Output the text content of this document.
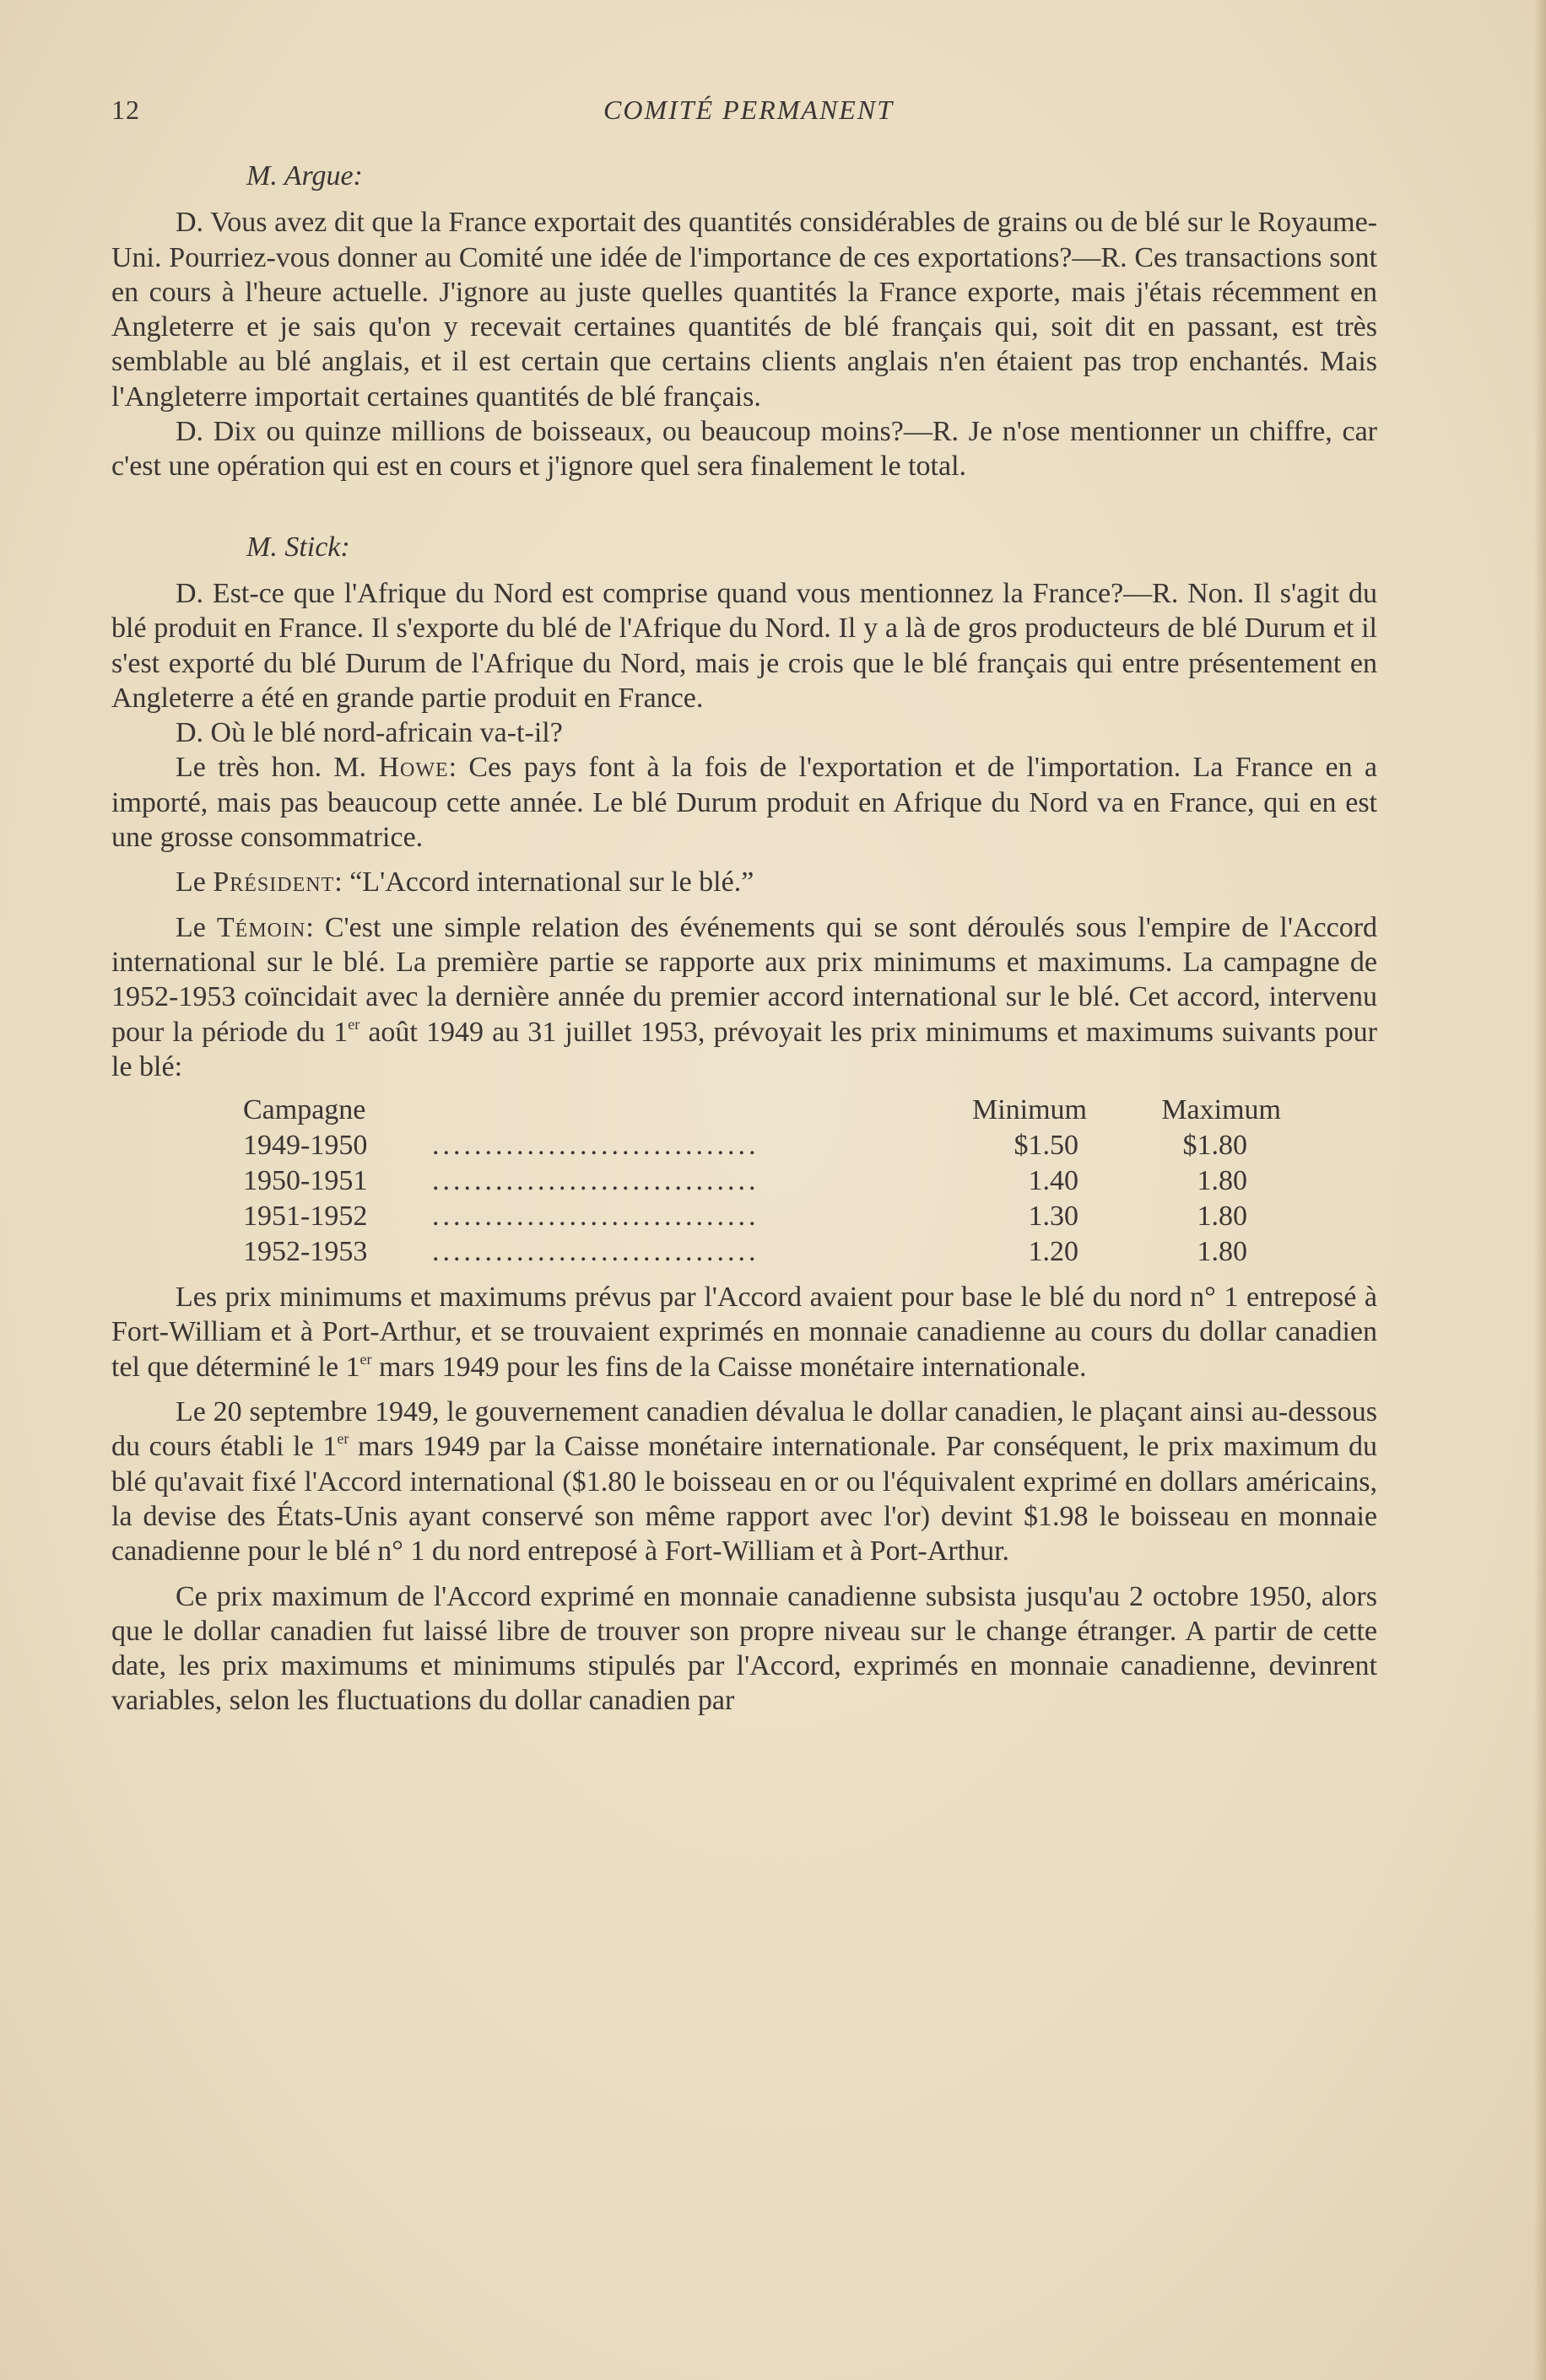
12	COMITÉ PERMANENT
M. Argue:

D. Vous avez dit que la France exportait des quantités considérables de grains ou de blé sur le Royaume-Uni. Pourriez-vous donner au Comité une idée de l'importance de ces exportations?—R. Ces transactions sont en cours à l'heure actuelle. J'ignore au juste quelles quantités la France exporte, mais j'étais récemment en Angleterre et je sais qu'on y recevait certaines quantités de blé français qui, soit dit en passant, est très semblable au blé anglais, et il est certain que certains clients anglais n'en étaient pas trop enchantés. Mais l'Angleterre importait certaines quantités de blé français.

D. Dix ou quinze millions de boisseaux, ou beaucoup moins?—R. Je n'ose mentionner un chiffre, car c'est une opération qui est en cours et j'ignore quel sera finalement le total.

M. Stick:

D. Est-ce que l'Afrique du Nord est comprise quand vous mentionnez la France?—R. Non. Il s'agit du blé produit en France. Il s'exporte du blé de l'Afrique du Nord. Il y a là de gros producteurs de blé Durum et il s'est exporté du blé Durum de l'Afrique du Nord, mais je crois que le blé français qui entre présentement en Angleterre a été en grande partie produit en France.

D. Où le blé nord-africain va-t-il?

Le très hon. M. Howe: Ces pays font à la fois de l'exportation et de l'importation. La France en a importé, mais pas beaucoup cette année. Le blé Durum produit en Afrique du Nord va en France, qui en est une grosse consommatrice.

Le Président: “L'Accord international sur le blé.”

Le Témoin: C'est une simple relation des événements qui se sont déroulés sous l'empire de l'Accord international sur le blé. La première partie se rapporte aux prix minimums et maximums. La campagne de 1952-1953 coïncidait avec la dernière année du premier accord international sur le blé. Cet accord, intervenu pour la période du 1er août 1949 au 31 juillet 1953, prévoyait les prix minimums et maximums suivants pour le blé:

Campagne	Minimum	Maximum
1949-1950	...............................	$1.50	$1.80
1950-1951	...............................	1.40	1.80
1951-1952	...............................	1.30	1.80
1952-1953	...............................	1.20	1.80

Les prix minimums et maximums prévus par l'Accord avaient pour base le blé du nord n° 1 entreposé à Fort-William et à Port-Arthur, et se trouvaient exprimés en monnaie canadienne au cours du dollar canadien tel que déterminé le 1er mars 1949 pour les fins de la Caisse monétaire internationale.

Le 20 septembre 1949, le gouvernement canadien dévalua le dollar canadien, le plaçant ainsi au-dessous du cours établi le 1er mars 1949 par la Caisse monétaire internationale. Par conséquent, le prix maximum du blé qu'avait fixé l'Accord international ($1.80 le boisseau en or ou l'équivalent exprimé en dollars américains, la devise des États-Unis ayant conservé son même rapport avec l'or) devint $1.98 le boisseau en monnaie canadienne pour le blé n° 1 du nord entreposé à Fort-William et à Port-Arthur.

Ce prix maximum de l'Accord exprimé en monnaie canadienne subsista jusqu'au 2 octobre 1950, alors que le dollar canadien fut laissé libre de trouver son propre niveau sur le change étranger. A partir de cette date, les prix maximums et minimums stipulés par l'Accord, exprimés en monnaie canadienne, devinrent variables, selon les fluctuations du dollar canadien par
